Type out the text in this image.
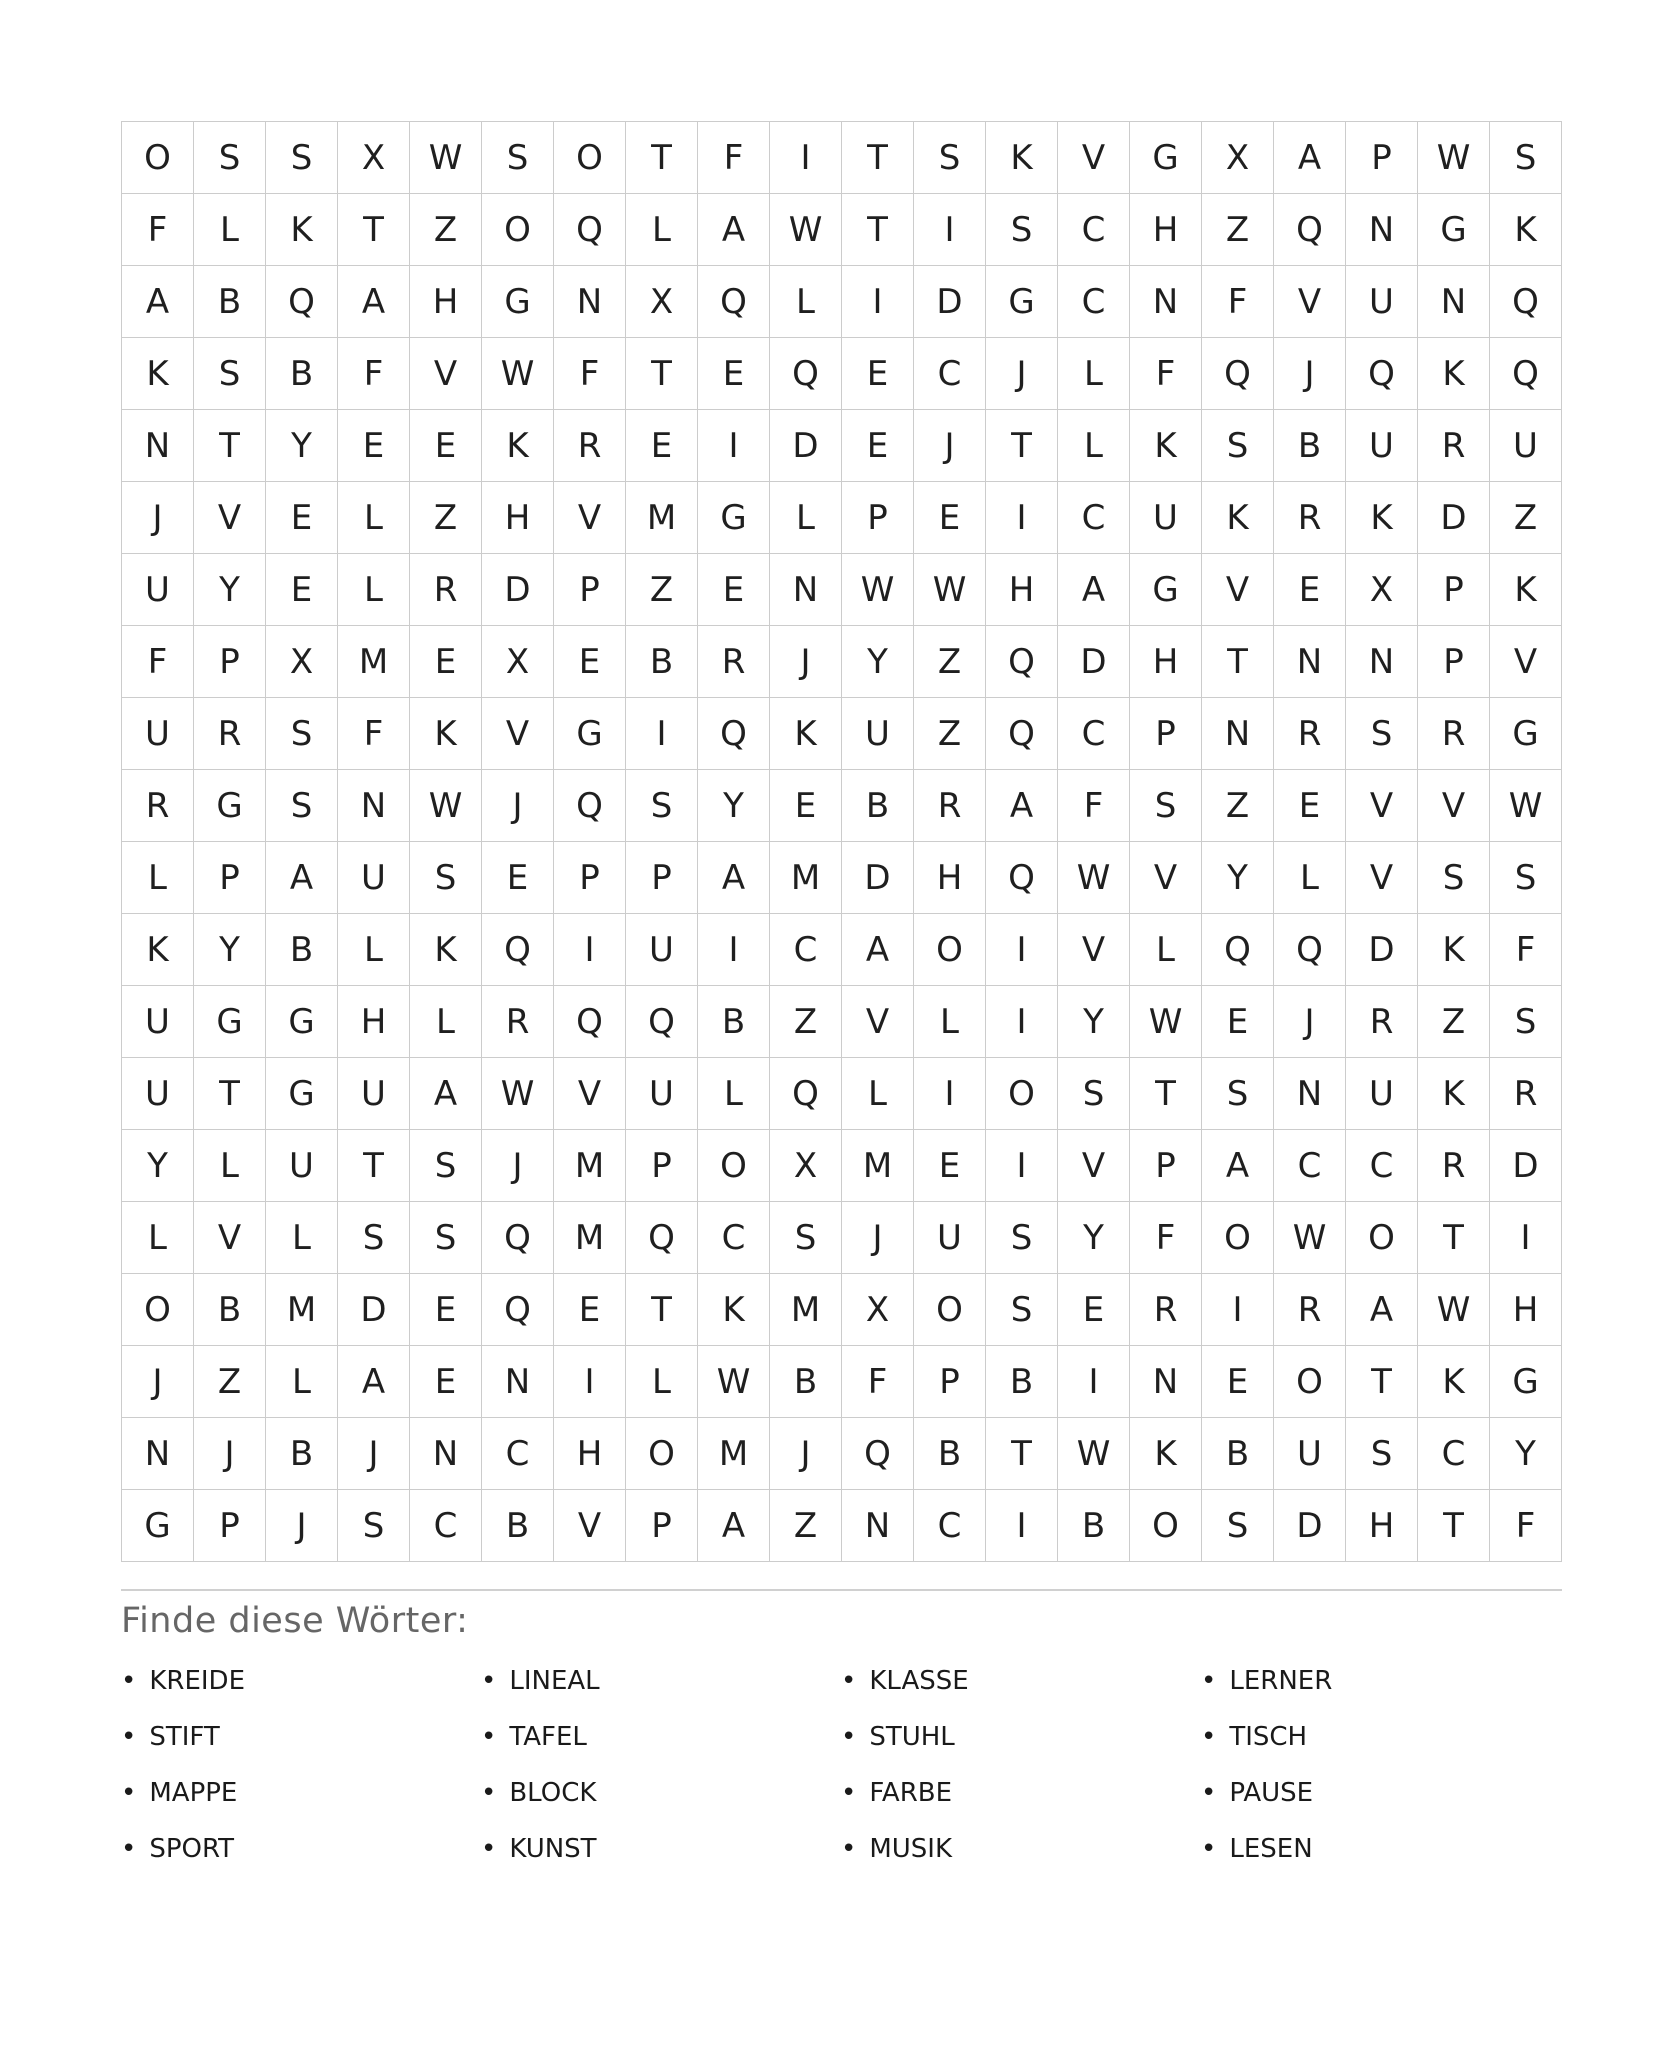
O	S	S	X	W	S	O	T	F	I	T	S	K	V	G	X	A	P	W	S
F	L	K	T	Z	O	Q	L	A	W	T	I	S	C	H	Z	Q	N	G	K
A	B	Q	A	H	G	N	X	Q	L	I	D	G	C	N	F	V	U	N	Q
K	S	B	F	V	W	F	T	E	Q	E	C	J	L	F	Q	J	Q	K	Q
N	T	Y	E	E	K	R	E	I	D	E	J	T	L	K	S	B	U	R	U
J	V	E	L	Z	H	V	M	G	L	P	E	I	C	U	K	R	K	D	Z
U	Y	E	L	R	D	P	Z	E	N	W	W	H	A	G	V	E	X	P	K
F	P	X	M	E	X	E	B	R	J	Y	Z	Q	D	H	T	N	N	P	V
U	R	S	F	K	V	G	I	Q	K	U	Z	Q	C	P	N	R	S	R	G
R	G	S	N	W	J	Q	S	Y	E	B	R	A	F	S	Z	E	V	V	W
L	P	A	U	S	E	P	P	A	M	D	H	Q	W	V	Y	L	V	S	S
K	Y	B	L	K	Q	I	U	I	C	A	O	I	V	L	Q	Q	D	K	F
U	G	G	H	L	R	Q	Q	B	Z	V	L	I	Y	W	E	J	R	Z	S
U	T	G	U	A	W	V	U	L	Q	L	I	O	S	T	S	N	U	K	R
Y	L	U	T	S	J	M	P	O	X	M	E	I	V	P	A	C	C	R	D
L	V	L	S	S	Q	M	Q	C	S	J	U	S	Y	F	O	W	O	T	I
O	B	M	D	E	Q	E	T	K	M	X	O	S	E	R	I	R	A	W	H
J	Z	L	A	E	N	I	L	W	B	F	P	B	I	N	E	O	T	K	G
N	J	B	J	N	C	H	O	M	J	Q	B	T	W	K	B	U	S	C	Y
G	P	J	S	C	B	V	P	A	Z	N	C	I	B	O	S	D	H	T	F
Finde diese Wörter:
• KREIDE
• STIFT
• MAPPE
• SPORT
• LINEAL
• TAFEL
• BLOCK
• KUNST
• KLASSE
• STUHL
• FARBE
• MUSIK
• LERNER
• TISCH
• PAUSE
• LESEN
